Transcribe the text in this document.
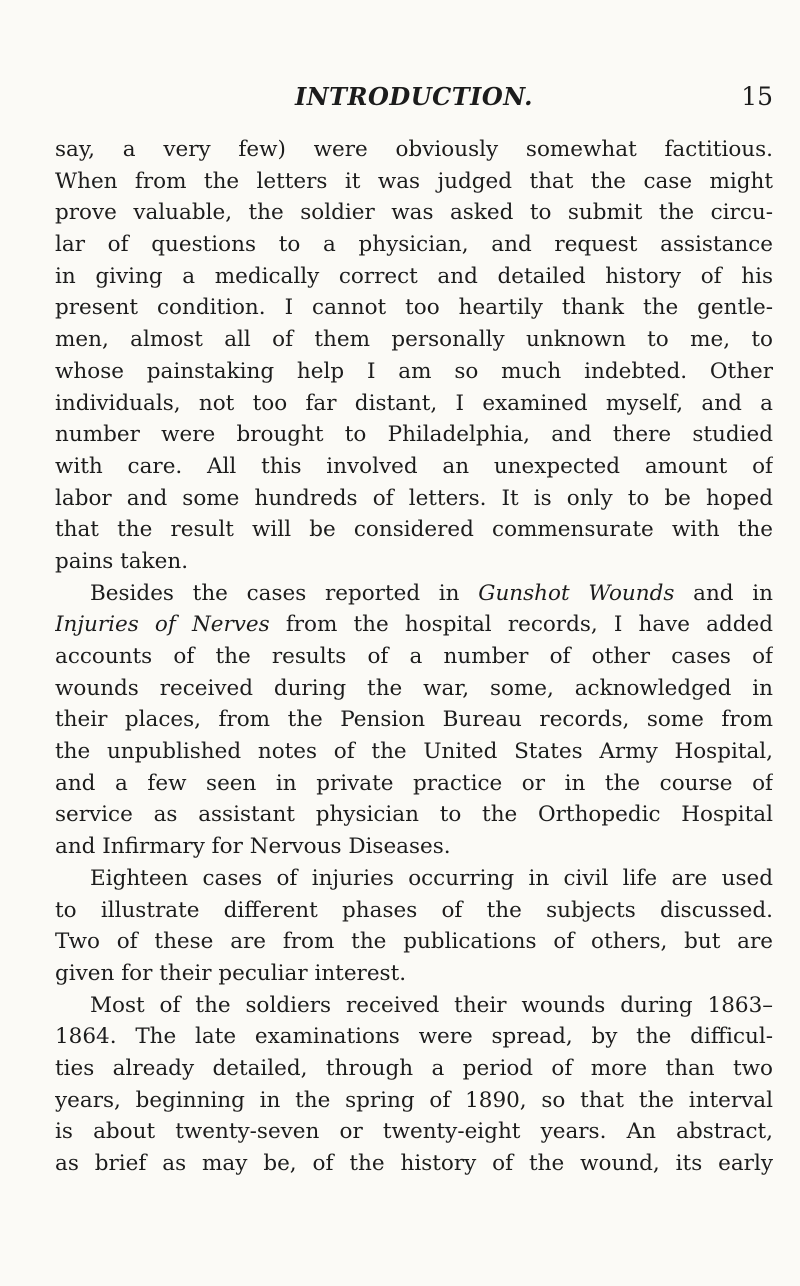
INTRODUCTION.	15
say, a very few) were obviously somewhat factitious.
When from the letters it was judged that the case might
prove valuable, the soldier was asked to submit the circu-
lar of questions to a physician, and request assistance
in giving a medically correct and detailed history of his
present condition. I cannot too heartily thank the gentle-
men, almost all of them personally unknown to me, to
whose painstaking help I am so much indebted. Other
individuals, not too far distant, I examined myself, and a
number were brought to Philadelphia, and there studied
with care. All this involved an unexpected amount of
labor and some hundreds of letters. It is only to be hoped
that the result will be considered commensurate with the
pains taken.
Besides the cases reported in Gunshot Wounds and in
Injuries of Nerves from the hospital records, I have added
accounts of the results of a number of other cases of
wounds received during the war, some, acknowledged in
their places, from the Pension Bureau records, some from
the unpublished notes of the United States Army Hospital,
and a few seen in private practice or in the course of
service as assistant physician to the Orthopedic Hospital
and Infirmary for Nervous Diseases.
Eighteen cases of injuries occurring in civil life are used
to illustrate different phases of the subjects discussed.
Two of these are from the publications of others, but are
given for their peculiar interest.
Most of the soldiers received their wounds during 1863–
1864. The late examinations were spread, by the difficul-
ties already detailed, through a period of more than two
years, beginning in the spring of 1890, so that the interval
is about twenty-seven or twenty-eight years. An abstract,
as brief as may be, of the history of the wound, its early
